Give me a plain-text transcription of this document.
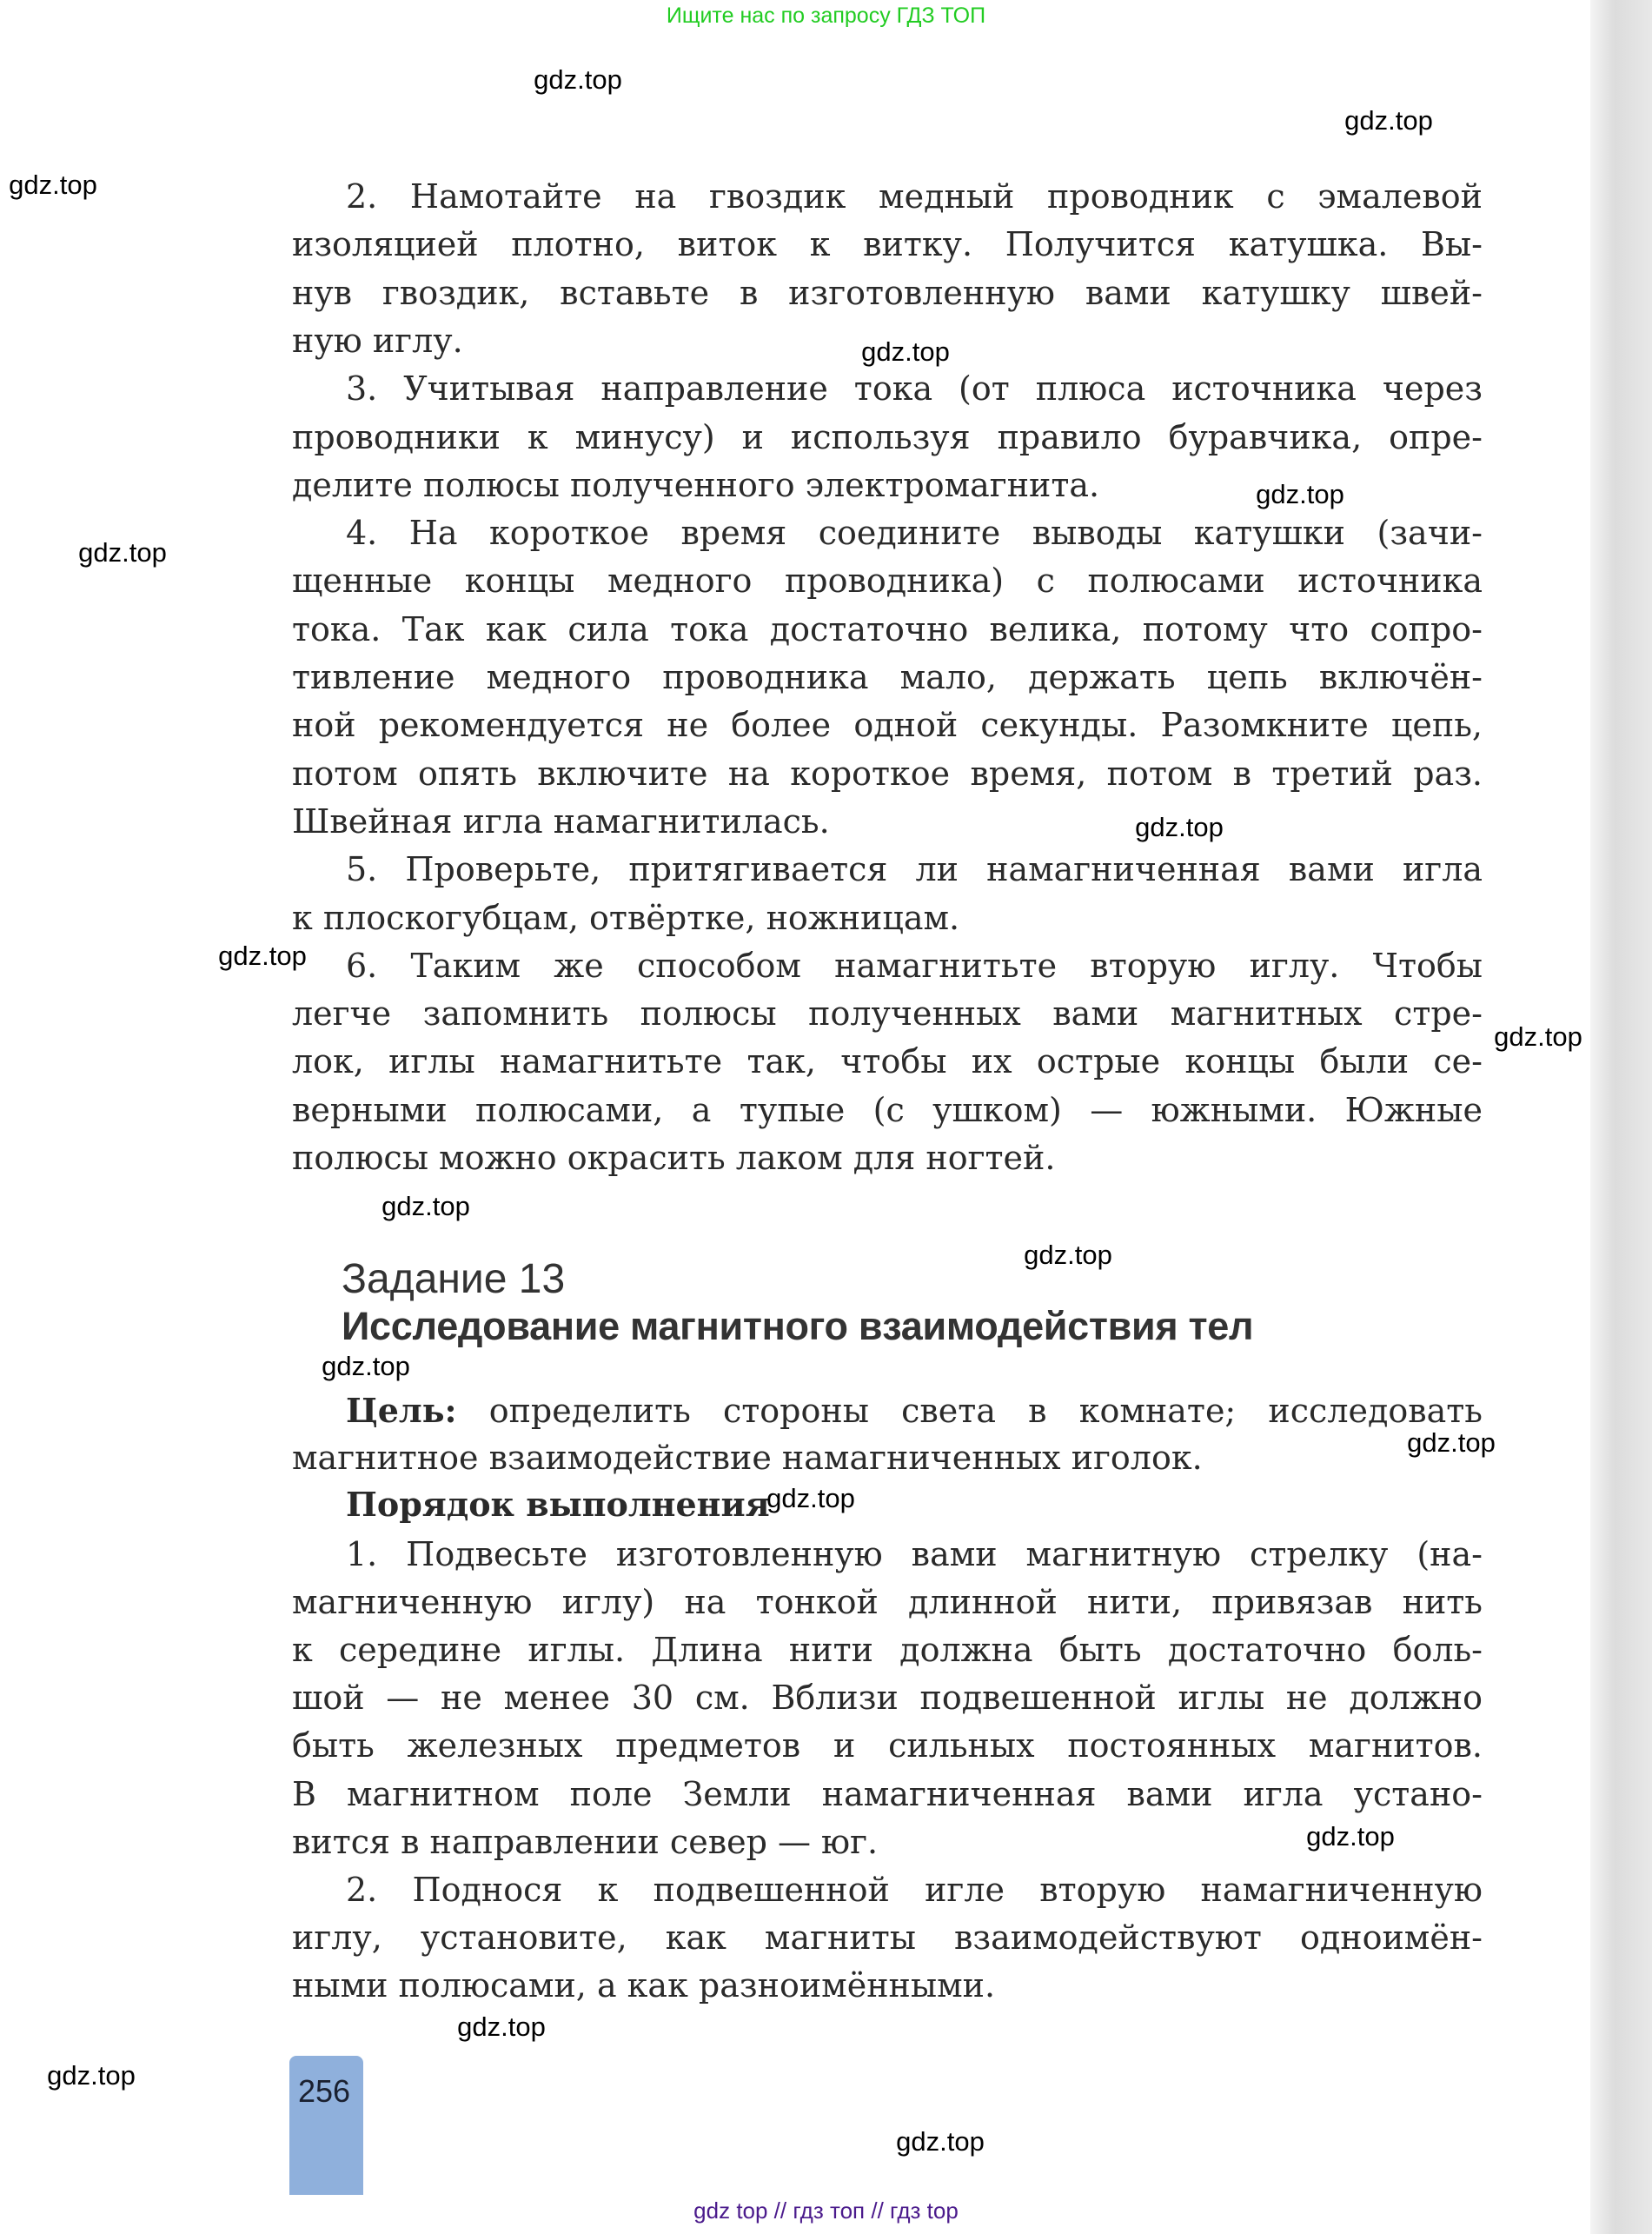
Ищите нас по запросу ГДЗ ТОП
2. Намотайте на гвоздик медный проводник с эмалевой
изоляцией плотно, виток к витку. Получится катушка. Вы-
нув гвоздик, вставьте в изготовленную вами катушку швей-
ную иглу.
3. Учитывая направление тока (от плюса источника через
проводники к минусу) и используя правило буравчика, опре-
делите полюсы полученного электромагнита.
4. На короткое время соедините выводы катушки (зачи-
щенные концы медного проводника) с полюсами источника
тока. Так как сила тока достаточно велика, потому что сопро-
тивление медного проводника мало, держать цепь включён-
ной рекомендуется не более одной секунды. Разомкните цепь,
потом опять включите на короткое время, потом в третий раз.
Швейная игла намагнитилась.
5. Проверьте, притягивается ли намагниченная вами игла
к плоскогубцам, отвёртке, ножницам.
6. Таким же способом намагнитьте вторую иглу. Чтобы
легче запомнить полюсы полученных вами магнитных стре-
лок, иглы намагнитьте так, чтобы их острые концы были се-
верными полюсами, а тупые (с ушком) — южными. Южные
полюсы можно окрасить лаком для ногтей.
1. Подвесьте изготовленную вами магнитную стрелку (на-
магниченную иглу) на тонкой длинной нити, привязав нить
к середине иглы. Длина нити должна быть достаточно боль-
шой — не менее 30 см. Вблизи подвешенной иглы не должно
быть железных предметов и сильных постоянных магнитов.
В магнитном поле Земли намагниченная вами игла устано-
вится в направлении север — юг.
2. Поднося к подвешенной игле вторую намагниченную
иглу, установите, как магниты взаимодействуют одноимён-
ными полюсами, а как разноимёнными.
Задание 13
Исследование магнитного взаимодействия тел
Цель: определить стороны света в комнате; исследовать
магнитное взаимодействие намагниченных иголок.
Порядок выполнения
256
gdz.top
gdz.top
gdz.top
gdz.top
gdz.top
gdz.top
gdz.top
gdz.top
gdz.top
gdz.top
gdz.top
gdz.top
gdz.top
gdz.top
gdz.top
gdz.top
gdz.top
gdz.top
gdz top // гдз топ // гдз top
